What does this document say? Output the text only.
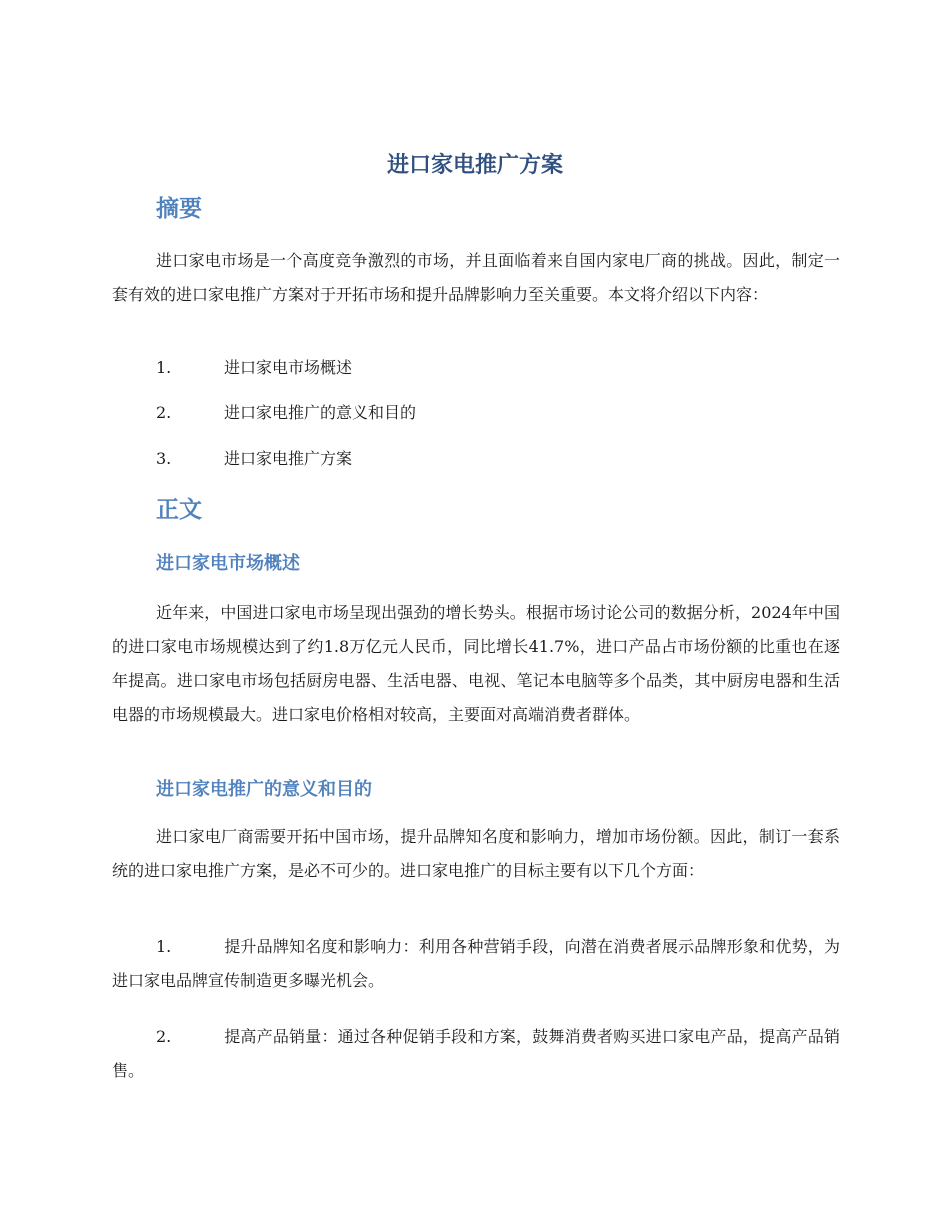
进口家电推广方案
摘要

进口家电市场是一个高度竞争激烈的市场，并且面临着来自国内家电厂商的挑战。因此，制定一套有效的进口家电推广方案对于开拓市场和提升品牌影响力至关重要。本文将介绍以下内容：

1.	进口家电市场概述

2.	进口家电推广的意义和目的

3.	进口家电推广方案

正文
进口家电市场概述

近年来，中国进口家电市场呈现出强劲的增长势头。根据市场讨论公司的数据分析，2024年中国的进口家电市场规模达到了约1.8万亿元人民币，同比增长41.7%，进口产品占市场份额的比重也在逐年提高。进口家电市场包括厨房电器、生活电器、电视、笔记本电脑等多个品类，其中厨房电器和生活电器的市场规模最大。进口家电价格相对较高，主要面对高端消费者群体。

进口家电推广的意义和目的

进口家电厂商需要开拓中国市场，提升品牌知名度和影响力，增加市场份额。因此，制订一套系统的进口家电推广方案，是必不可少的。进口家电推广的目标主要有以下几个方面：

1.	提升品牌知名度和影响力：利用各种营销手段，向潜在消费者展示品牌形象和优势，为进口家电品牌宣传制造更多曝光机会。

2.	提高产品销量：通过各种促销手段和方案，鼓舞消费者购买进口家电产品，提高产品销售。
